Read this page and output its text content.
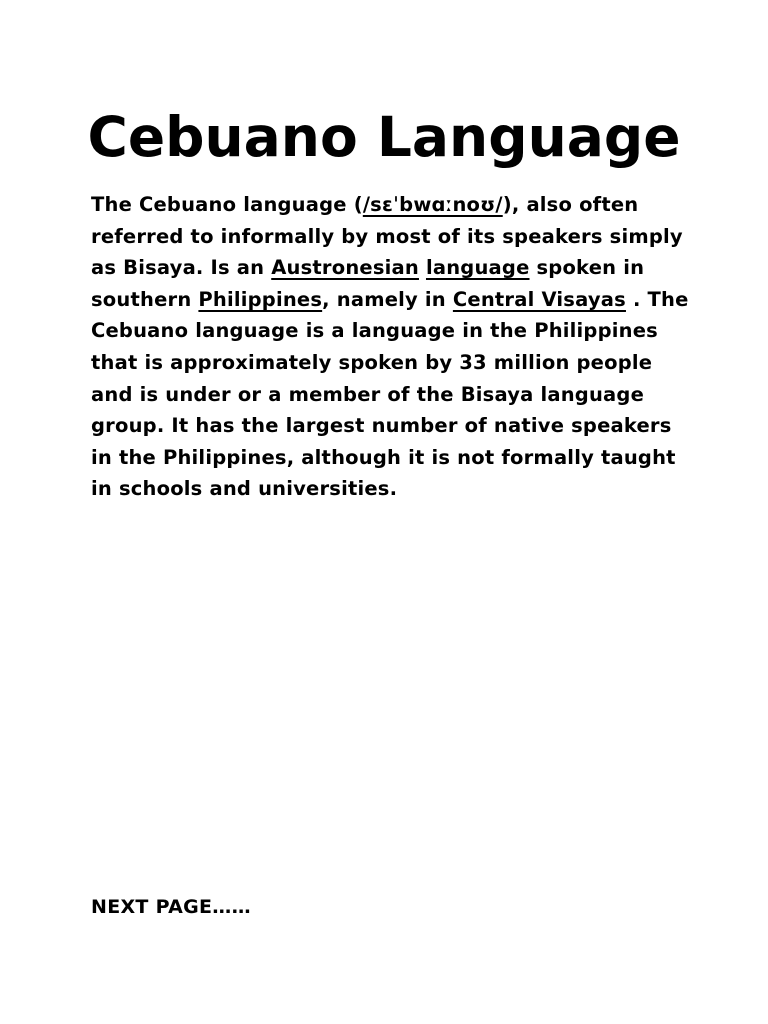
Cebuano Language

The Cebuano language (/sɛˈbwɑːnoʊ/), also often
referred to informally by most of its speakers simply
as Bisaya. Is an Austronesian language spoken in
southern Philippines, namely in Central Visayas . The
Cebuano language is a language in the Philippines
that is approximately spoken by 33 million people
and is under or a member of the Bisaya language
group. It has the largest number of native speakers
in the Philippines, although it is not formally taught
in schools and universities.

NEXT PAGE……
